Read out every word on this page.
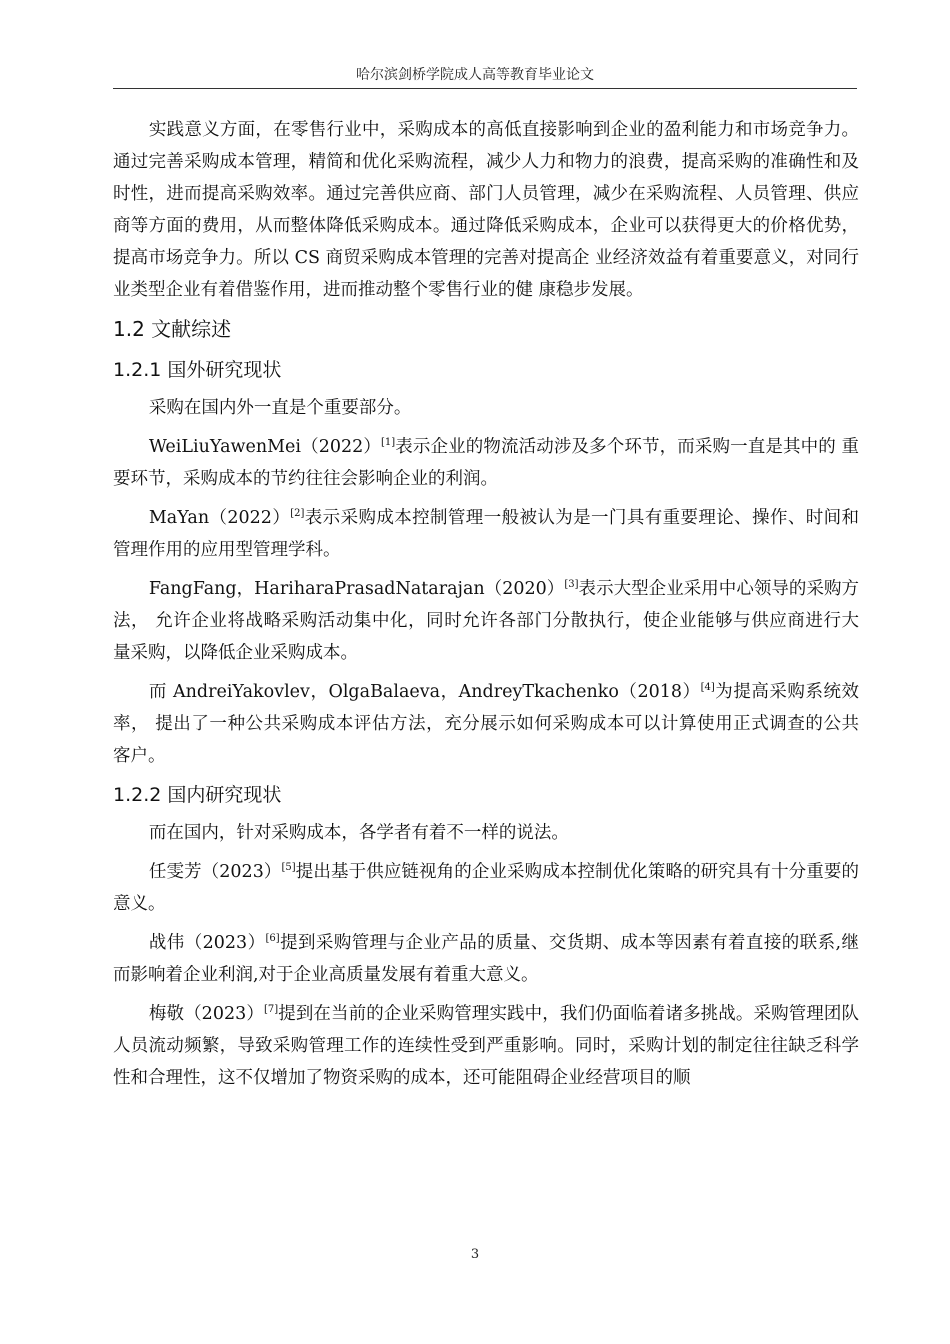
哈尔滨剑桥学院成人高等教育毕业论文

实践意义方面，在零售行业中，采购成本的高低直接影响到企业的盈利能力和市场竞争力。通过完善采购成本管理，精简和优化采购流程，减少人力和物力的浪费，提高采购的准确性和及时性，进而提高采购效率。通过完善供应商、部门人员管理，减少在采购流程、人员管理、供应商等方面的费用，从而整体降低采购成本。通过降低采购成本，企业可以获得更大的价格优势，提高市场竞争力。所以 CS 商贸采购成本管理的完善对提高企 业经济效益有着重要意义，对同行业类型企业有着借鉴作用，进而推动整个零售行业的健 康稳步发展。

1.2 文献综述
1.2.1 国外研究现状

采购在国内外一直是个重要部分。

WeiLiuYawenMei（2022）[1]表示企业的物流活动涉及多个环节，而采购一直是其中的 重要环节，采购成本的节约往往会影响企业的利润。

MaYan（2022）[2]表示采购成本控制管理一般被认为是一门具有重要理论、操作、时间和管理作用的应用型管理学科。

FangFang，HariharaPrasadNatarajan（2020）[3]表示大型企业采用中心领导的采购方法， 允许企业将战略采购活动集中化，同时允许各部门分散执行，使企业能够与供应商进行大 量采购，以降低企业采购成本。

而 AndreiYakovlev，OlgaBalaeva，AndreyTkachenko（2018）[4]为提高采购系统效率， 提出了一种公共采购成本评估方法，充分展示如何采购成本可以计算使用正式调查的公共 客户。

1.2.2 国内研究现状

而在国内，针对采购成本，各学者有着不一样的说法。

任雯芳（2023）[5]提出基于供应链视角的企业采购成本控制优化策略的研究具有十分重要的意义。

战伟（2023）[6]提到采购管理与企业产品的质量、交货期、成本等因素有着直接的联系,继而影响着企业利润,对于企业高质量发展有着重大意义。

梅敬（2023）[7]提到在当前的企业采购管理实践中，我们仍面临着诸多挑战。采购管理团队人员流动频繁，导致采购管理工作的连续性受到严重影响。同时，采购计划的制定往往缺乏科学性和合理性，这不仅增加了物资采购的成本，还可能阻碍企业经营项目的顺

3
